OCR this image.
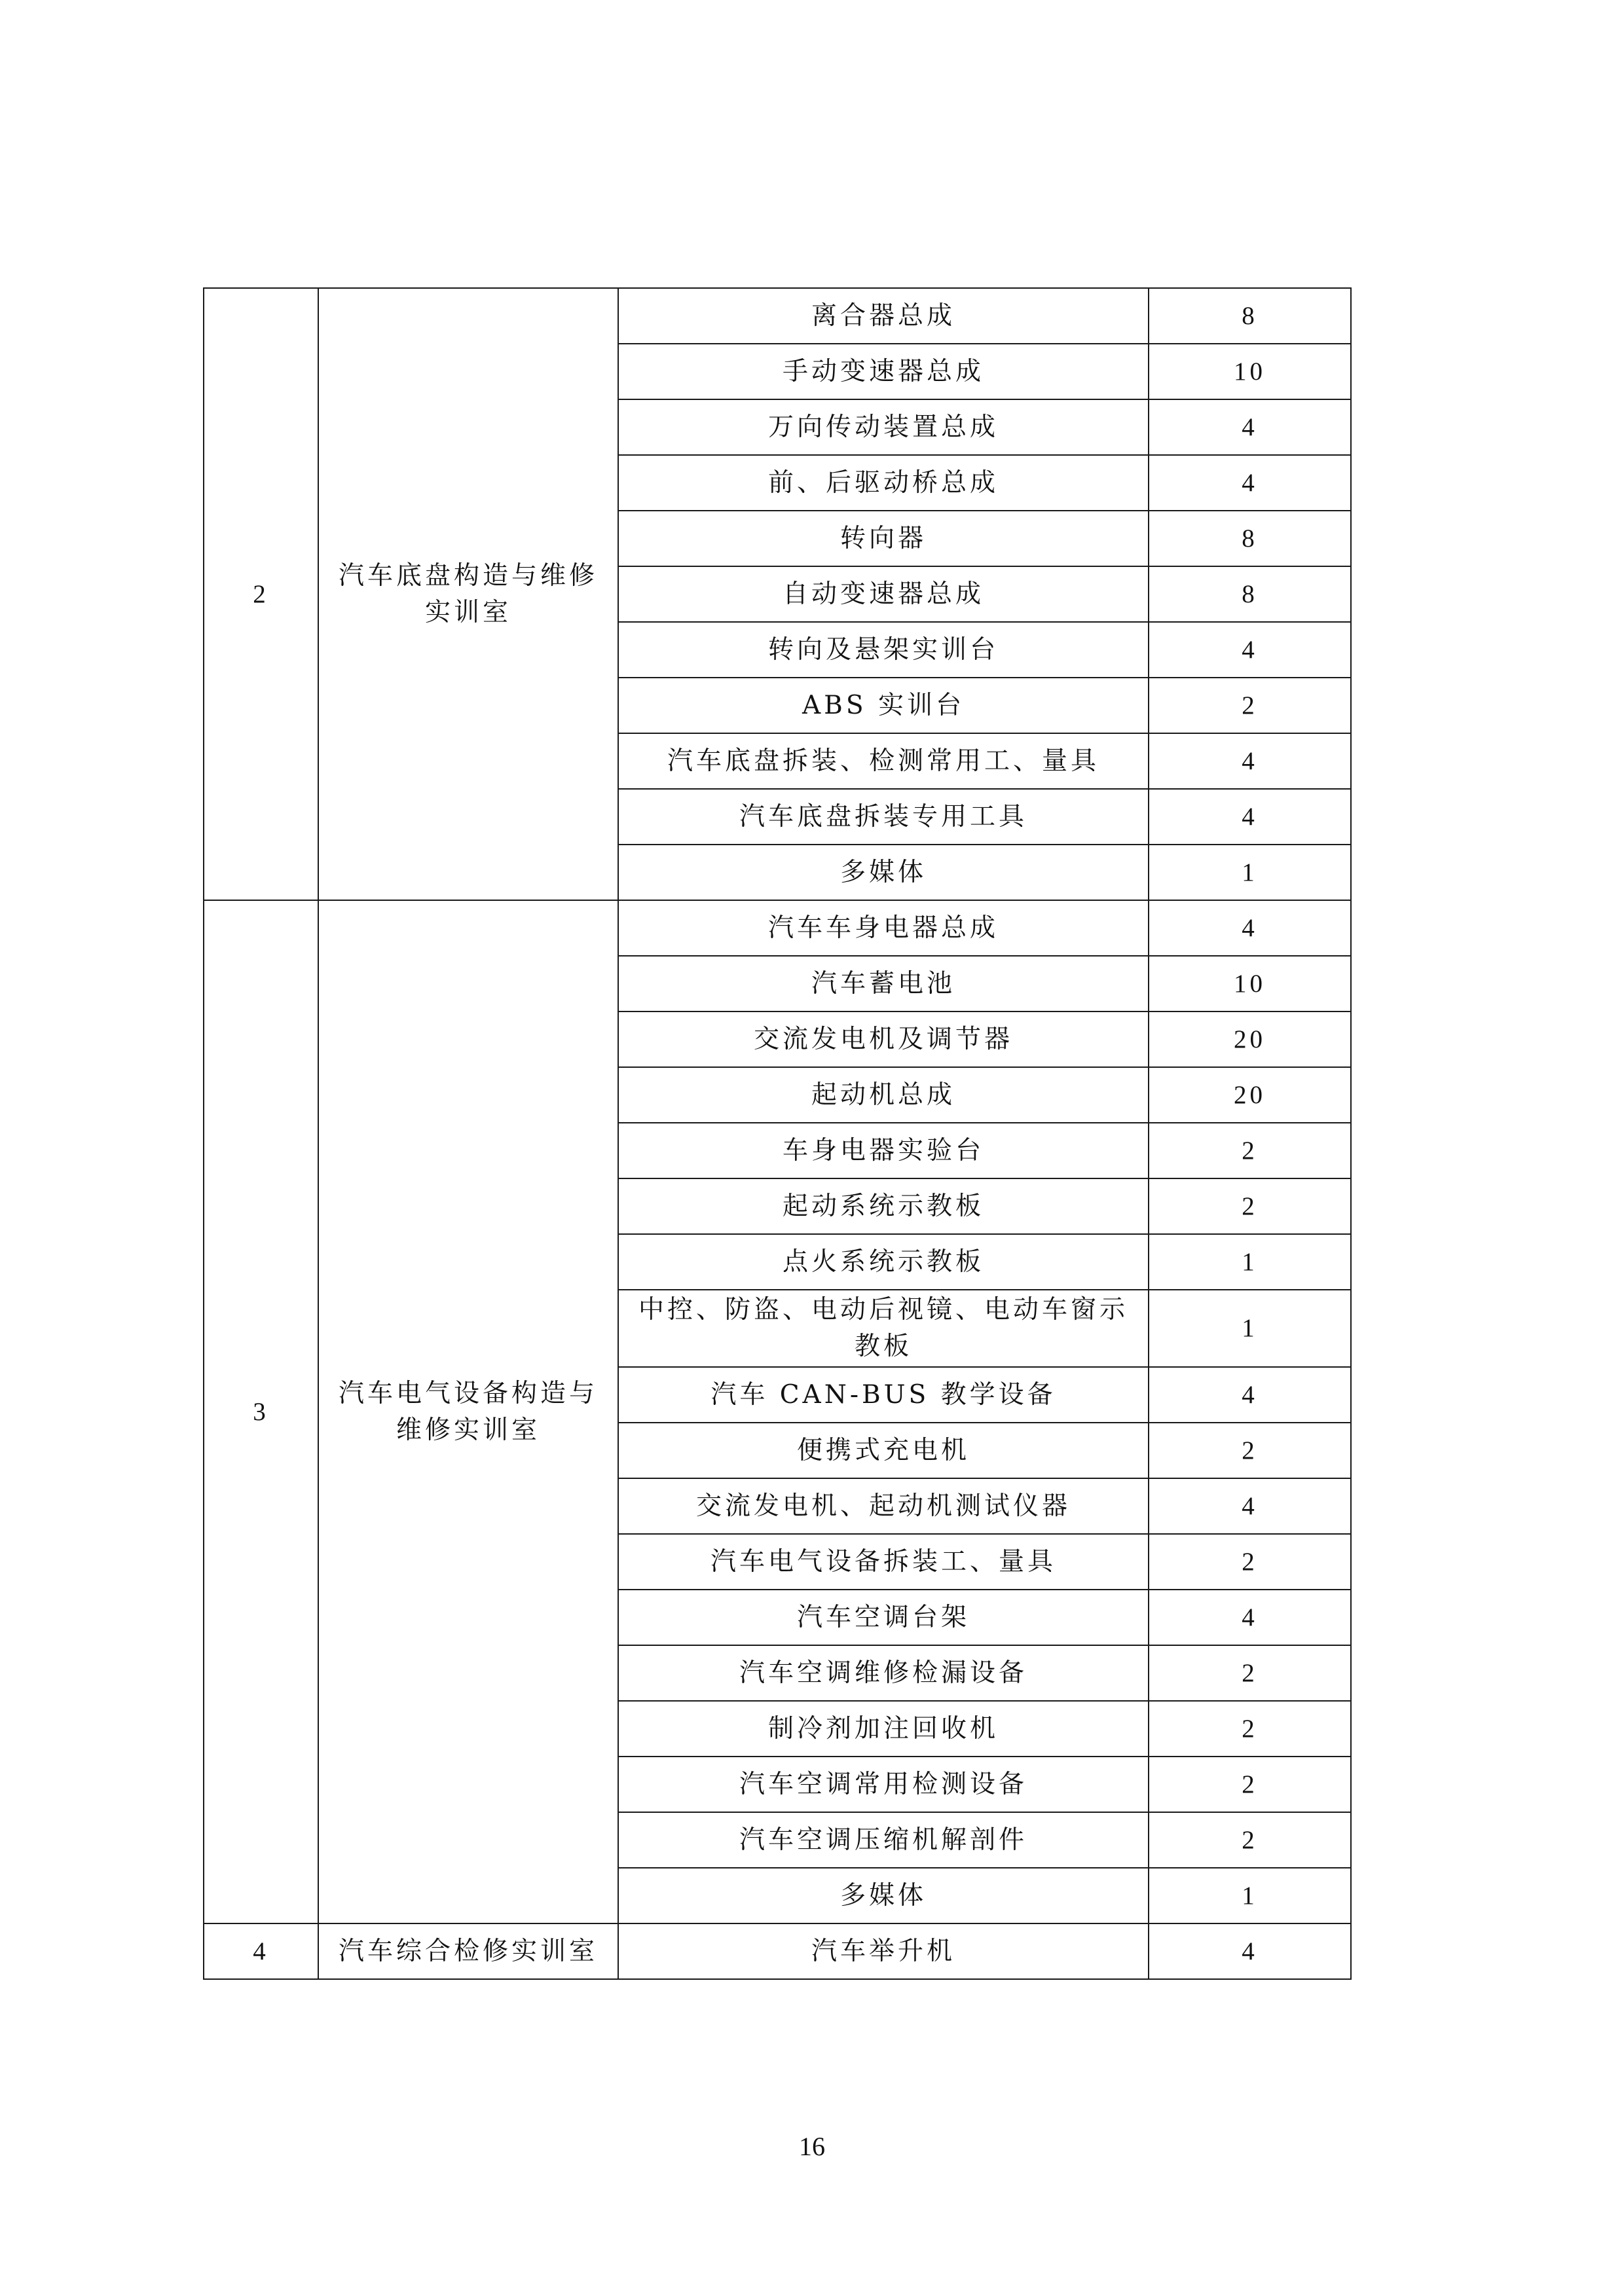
2	汽车底盘构造与维修实训室	离合器总成	8
		手动变速器总成	10
		万向传动装置总成	4
		前、后驱动桥总成	4
		转向器	8
		自动变速器总成	8
		转向及悬架实训台	4
		ABS 实训台	2
		汽车底盘拆装、检测常用工、量具	4
		汽车底盘拆装专用工具	4
		多媒体	1
3	汽车电气设备构造与维修实训室	汽车车身电器总成	4
		汽车蓄电池	10
		交流发电机及调节器	20
		起动机总成	20
		车身电器实验台	2
		起动系统示教板	2
		点火系统示教板	1
		中控、防盗、电动后视镜、电动车窗示教板	1
		汽车 CAN-BUS 教学设备	4
		便携式充电机	2
		交流发电机、起动机测试仪器	4
		汽车电气设备拆装工、量具	2
		汽车空调台架	4
		汽车空调维修检漏设备	2
		制冷剂加注回收机	2
		汽车空调常用检测设备	2
		汽车空调压缩机解剖件	2
		多媒体	1
4	汽车综合检修实训室	汽车举升机	4
16
